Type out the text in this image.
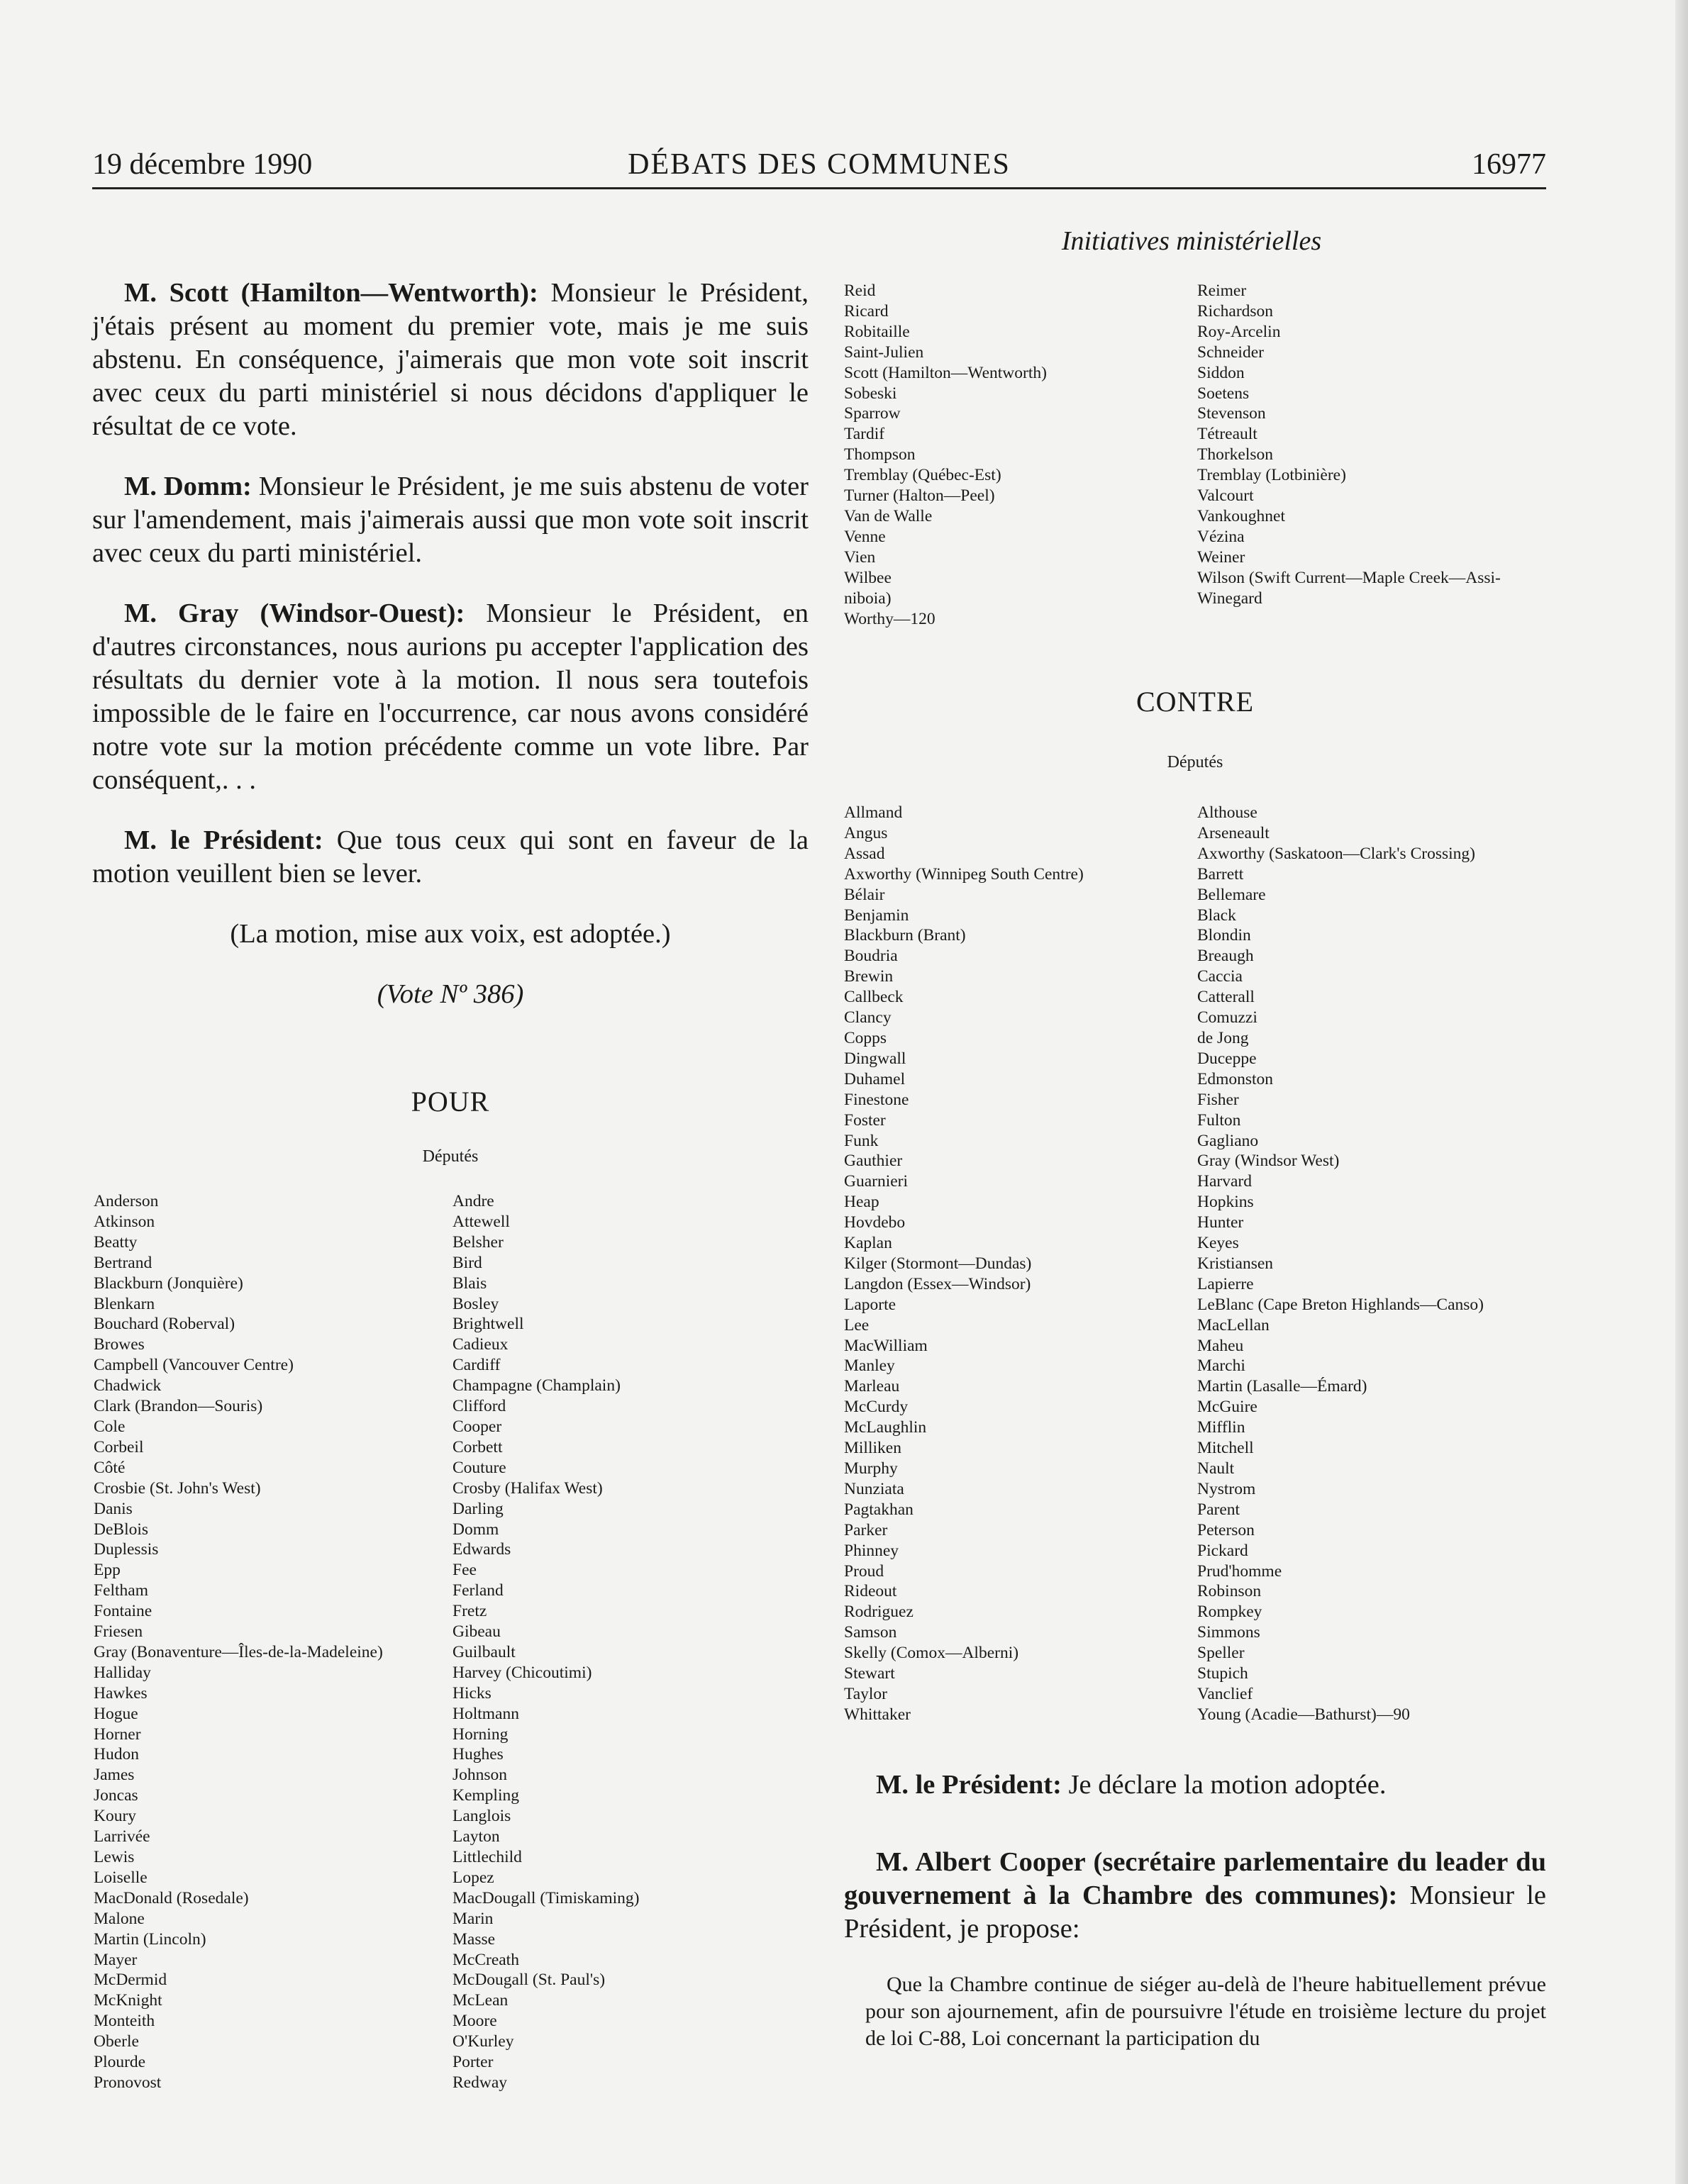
19 décembre 1990	DÉBATS DES COMMUNES	16977
Initiatives ministérielles

M. Scott (Hamilton—Wentworth): Monsieur le Président, j'étais présent au moment du premier vote, mais je me suis abstenu. En conséquence, j'aimerais que mon vote soit inscrit avec ceux du parti ministériel si nous décidons d'appliquer le résultat de ce vote.

M. Domm: Monsieur le Président, je me suis abstenu de voter sur l'amendement, mais j'aimerais aussi que mon vote soit inscrit avec ceux du parti ministériel.

M. Gray (Windsor-Ouest): Monsieur le Président, en d'autres circonstances, nous aurions pu accepter l'application des résultats du dernier vote à la motion. Il nous sera toutefois impossible de le faire en l'occurrence, car nous avons considéré notre vote sur la motion précédente comme un vote libre. Par conséquent,. . .

M. le Président: Que tous ceux qui sont en faveur de la motion veuillent bien se lever.

(La motion, mise aux voix, est adoptée.)

(Vote Nº 386)

POUR
Députés
Anderson
Atkinson
Beatty
Bertrand
Blackburn (Jonquière)
Blenkarn
Bouchard (Roberval)
Browes
Campbell (Vancouver Centre)
Chadwick
Clark (Brandon—Souris)
Cole
Corbeil
Côté
Crosbie (St. John's West)
Danis
DeBlois
Duplessis
Epp
Feltham
Fontaine
Friesen
Gray (Bonaventure—Îles-de-la-Madeleine)
Halliday
Hawkes
Hogue
Horner
Hudon
James
Joncas
Koury
Larrivée
Lewis
Loiselle
MacDonald (Rosedale)
Malone
Martin (Lincoln)
Mayer
McDermid
McKnight
Monteith
Oberle
Plourde
Pronovost
Andre
Attewell
Belsher
Bird
Blais
Bosley
Brightwell
Cadieux
Cardiff
Champagne (Champlain)
Clifford
Cooper
Corbett
Couture
Crosby (Halifax West)
Darling
Domm
Edwards
Fee
Ferland
Fretz
Gibeau
Guilbault
Harvey (Chicoutimi)
Hicks
Holtmann
Horning
Hughes
Johnson
Kempling
Langlois
Layton
Littlechild
Lopez
MacDougall (Timiskaming)
Marin
Masse
McCreath
McDougall (St. Paul's)
McLean
Moore
O'Kurley
Porter
Redway
Reid
Ricard
Robitaille
Saint-Julien
Scott (Hamilton—Wentworth)
Sobeski
Sparrow
Tardif
Thompson
Tremblay (Québec-Est)
Turner (Halton—Peel)
Van de Walle
Venne
Vien
Wilbee
niboia)
Worthy—120
Reimer
Richardson
Roy-Arcelin
Schneider
Siddon
Soetens
Stevenson
Tétreault
Thorkelson
Tremblay (Lotbinière)
Valcourt
Vankoughnet
Vézina
Weiner
Wilson (Swift Current—Maple Creek—Assi-
Winegard
CONTRE
Députés
Allmand
Angus
Assad
Axworthy (Winnipeg South Centre)
Bélair
Benjamin
Blackburn (Brant)
Boudria
Brewin
Callbeck
Clancy
Copps
Dingwall
Duhamel
Finestone
Foster
Funk
Gauthier
Guarnieri
Heap
Hovdebo
Kaplan
Kilger (Stormont—Dundas)
Langdon (Essex—Windsor)
Laporte
Lee
MacWilliam
Manley
Marleau
McCurdy
McLaughlin
Milliken
Murphy
Nunziata
Pagtakhan
Parker
Phinney
Proud
Rideout
Rodriguez
Samson
Skelly (Comox—Alberni)
Stewart
Taylor
Whittaker
Althouse
Arseneault
Axworthy (Saskatoon—Clark's Crossing)
Barrett
Bellemare
Black
Blondin
Breaugh
Caccia
Catterall
Comuzzi
de Jong
Duceppe
Edmonston
Fisher
Fulton
Gagliano
Gray (Windsor West)
Harvard
Hopkins
Hunter
Keyes
Kristiansen
Lapierre
LeBlanc (Cape Breton Highlands—Canso)
MacLellan
Maheu
Marchi
Martin (Lasalle—Émard)
McGuire
Mifflin
Mitchell
Nault
Nystrom
Parent
Peterson
Pickard
Prud'homme
Robinson
Rompkey
Simmons
Speller
Stupich
Vanclief
Young (Acadie—Bathurst)—90

M. le Président: Je déclare la motion adoptée.

M. Albert Cooper (secrétaire parlementaire du leader du gouvernement à la Chambre des communes): Monsieur le Président, je propose:

Que la Chambre continue de siéger au-delà de l'heure habituellement prévue pour son ajournement, afin de poursuivre l'étude en troisième lecture du projet de loi C-88, Loi concernant la participation du
